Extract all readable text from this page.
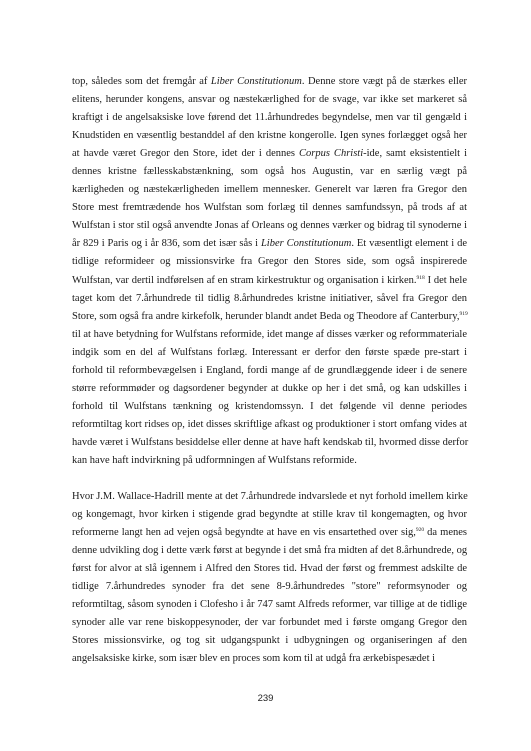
top, således som det fremgår af Liber Constitutionum. Denne store vægt på de stærkes eller
elitens, herunder kongens, ansvar og næstekærlighed for de svage, var ikke set markeret så
kraftigt i de angelsaksiske love førend det 11.århundredes begyndelse, men var til gengæld i
Knudstiden en væsentlig bestanddel af den kristne kongerolle. Igen synes forlægget også her
at havde været Gregor den Store, idet der i dennes Corpus Christi-ide, samt eksistentielt i
dennes kristne fællesskabstænkning, som også hos Augustin, var en særlig vægt på
kærligheden og næstekærligheden imellem mennesker. Generelt var læren fra Gregor den
Store mest fremtrædende hos Wulfstan som forlæg til dennes samfundssyn, på trods af at
Wulfstan i stor stil også anvendte Jonas af Orleans og dennes værker og bidrag til synoderne i
år 829 i Paris og i år 836, som det især sås i Liber Constitutionum. Et væsentligt element i de
tidlige reformideer og missionsvirke fra Gregor den Stores side, som også inspirerede
Wulfstan, var dertil indførelsen af en stram kirkestruktur og organisation i kirken.$^{918}$ I det hele
taget kom det 7.århundrede til tidlig 8.århundredes kristne initiativer, såvel fra Gregor den
Store, som også fra andre kirkefolk, herunder blandt andet Beda og Theodore af Canterbury,$^{919}$
til at have betydning for Wulfstans reformide, idet mange af disses værker og reformmateriale
indgik som en del af Wulfstans forlæg. Interessant er derfor den første spæde pre-start i
forhold til reformbevægelsen i England, fordi mange af de grundlæggende ideer i de senere
større reformmøder og dagsordener begynder at dukke op her i det små, og kan udskilles i
forhold til Wulfstans tænkning og kristendomssyn. I det følgende vil denne periodes
reformtiltag kort ridses op, idet disses skriftlige afkast og produktioner i stort omfang vides at
havde været i Wulfstans besiddelse eller denne at have haft kendskab til, hvormed disse derfor
kan have haft indvirkning på udformningen af Wulfstans reformide.

Hvor J.M. Wallace-Hadrill mente at det 7.århundrede indvarslede et nyt forhold imellem kirke
og kongemagt, hvor kirken i stigende grad begyndte at stille krav til kongemagten, og hvor
reformerne langt hen ad vejen også begyndte at have en vis ensartethed over sig,$^{920}$ da menes
denne udvikling dog i dette værk først at begynde i det små fra midten af det 8.århundrede, og
først for alvor at slå igennem i Alfred den Stores tid. Hvad der først og fremmest adskilte de
tidlige 7.århundredes synoder fra det sene 8-9.århundredes "store" reformsynoder og
reformtiltag, såsom synoden i Clofesho i år 747 samt Alfreds reformer, var tillige at de tidlige
synoder alle var rene biskoppesynoder, der var forbundet med i første omgang Gregor den
Stores missionsvirke, og tog sit udgangspunkt i udbygningen og organiseringen af den
angelsaksiske kirke, som især blev en proces som kom til at udgå fra ærkebispesædet i

239
